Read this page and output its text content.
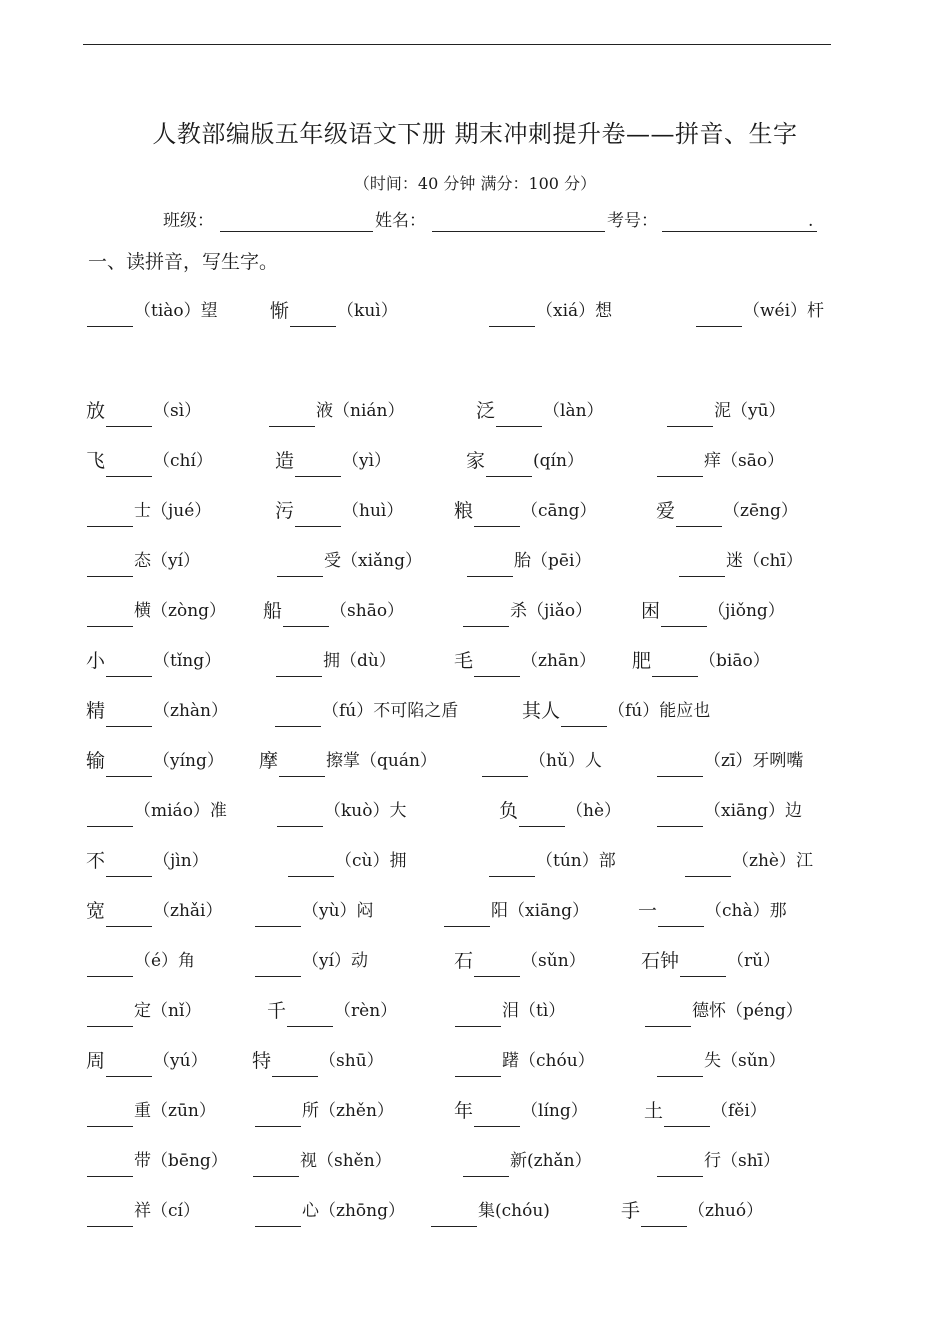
人教部编版五年级语文下册 期末冲刺提升卷——拼音、生字
（时间：40 分钟 满分：100 分）
班级：	姓名：	考号：	.
一、读拼音，写生字。
（tiào）望	惭	（kuì）	（xiá）想	（wéi）杆
放	（sì）	液（nián）	泛	（làn）	泥（yū）
飞	（chí）	造	（yì）	家	(qín）	痒（sāo）
士（jué）	污	（huì）	粮	（cāng）	爱	（zēng）
态（yí）	受（xiǎng）	胎（pēi）	迷（chī）
横（zòng） 船	（shāo）	杀（jiǎo）	困	（jiǒng）
小	（tǐng）	拥（dù）	毛	（zhān） 肥	（biāo）
精	（zhàn）	（fú）不可陷之盾	其人	（fú）能应也
输	（yíng） 摩	擦掌（quán）	（hǔ）人	（zī）牙咧嘴
（miáo）准	（kuò）大	负	（hè）	（xiāng）边
不	（jìn）	（cù）拥	（tún）部	（zhè）江
宽	（zhǎi）	（yù）闷	阳（xiāng）	一	（chà）那
（é）角	（yí）动	石	（sǔn）	石钟	（rǔ）
定（nǐ）	千	（rèn）	泪（tì）	德怀（péng）
周	（yú） 特	（shū）	躇（chóu）	失（sǔn）
重（zūn）	所（zhěn）	年	（líng）	土	（fěi）
带（bēng）	视（shěn）	新(zhǎn）	行（shī）
祥（cí）	心（zhōng）	集(chóu)	手	（zhuó）
